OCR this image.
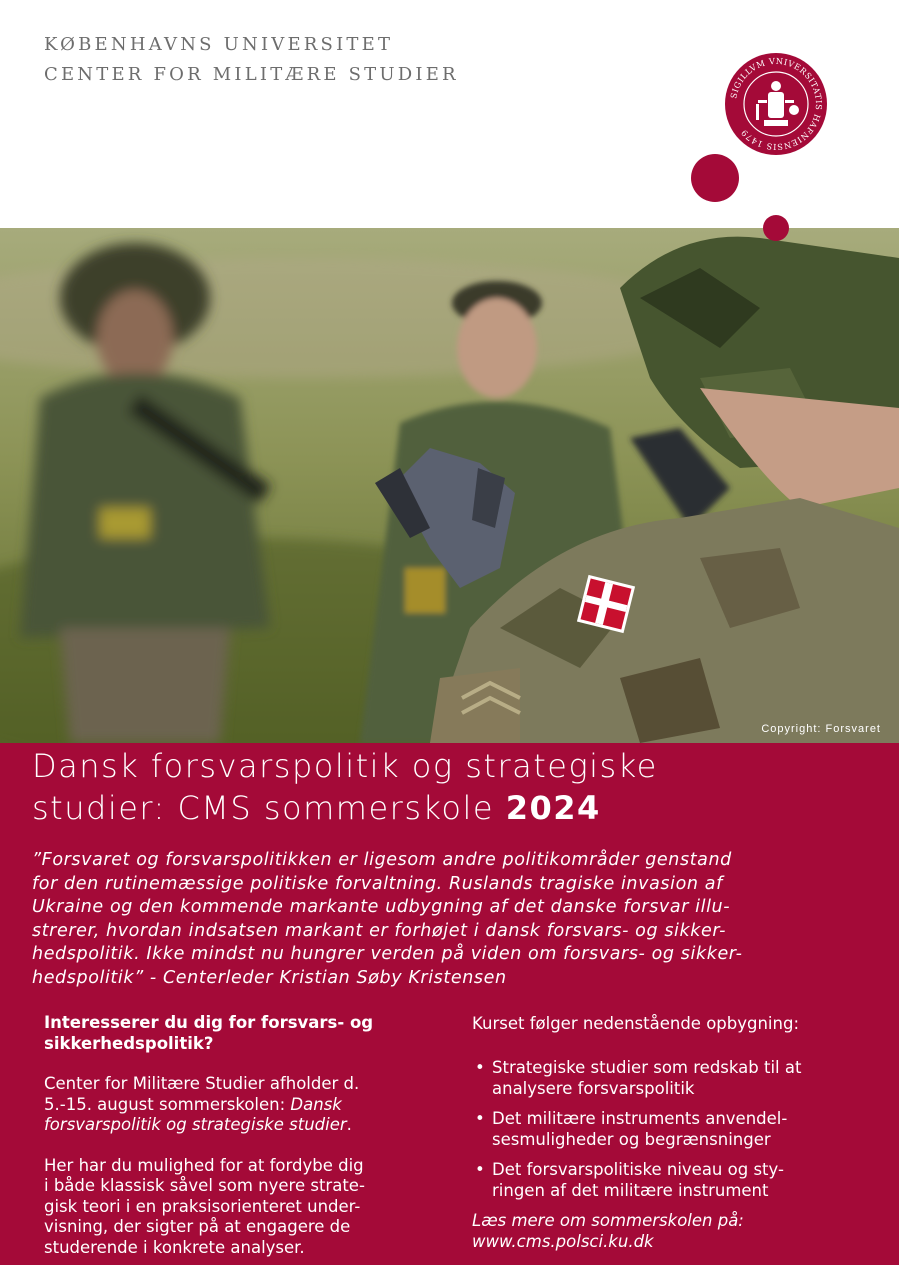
KØBENHAVNS UNIVERSITET
CENTER FOR MILITÆRE STUDIER
SIGILLVM VNIVERSITATIS HAFNIENSIS 1479
Copyright: Forsvaret
Dansk forsvarspolitik og strategiske
studier: CMS sommerskole 2024
”Forsvaret og forsvarspolitikken er ligesom andre politikområder genstand
for den rutinemæssige politiske forvaltning. Ruslands tragiske invasion af
Ukraine og den kommende markante udbygning af det danske forsvar illu-
strerer, hvordan indsatsen markant er forhøjet i dansk forsvars- og sikker-
hedspolitik. Ikke mindst nu hungrer verden på viden om forsvars- og sikker-
hedspolitik” - Centerleder Kristian Søby Kristensen
Interesserer du dig for forsvars- og
sikkerhedspolitik?
Center for Militære Studier afholder d.
5.-15. august sommerskolen: Dansk
forsvarspolitik og strategiske studier.
Her har du mulighed for at fordybe dig
i både klassisk såvel som nyere strate-
gisk teori i en praksisorienteret under-
visning, der sigter på at engagere de
studerende i konkrete analyser.
Kurset følger nedenstående opbygning:
• Strategiske studier som redskab til at
analysere forsvarspolitik
• Det militære instruments anvendel-
sesmuligheder og begrænsninger
• Det forsvarspolitiske niveau og sty-
ringen af det militære instrument
Læs mere om sommerskolen på:
www.cms.polsci.ku.dk
